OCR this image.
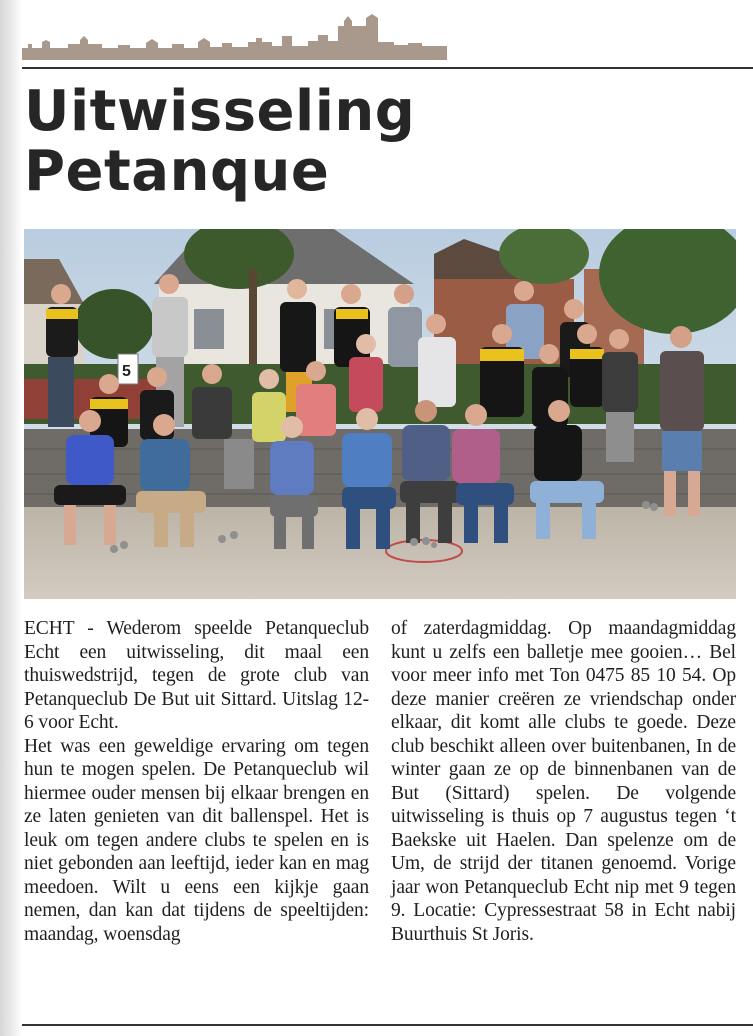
Uitwisseling
Petanque
5

ECHT - Wederom speelde Petanqueclub Echt een uitwisseling, dit maal een thuiswedstrijd, tegen de grote club van Petanqueclub De But uit Sittard. Uitslag 12-6 voor Echt.

Het was een geweldige ervaring om tegen hun te mogen spelen. De Petanqueclub wil hiermee ouder mensen bij elkaar brengen en ze laten genieten van dit ballenspel. Het is leuk om tegen andere clubs te spelen en is niet gebonden aan leeftijd, ieder kan en mag meedoen. Wilt u eens een kijkje gaan nemen, dan kan dat tijdens de speeltijden: maandag, woensdag

of zaterdagmiddag. Op maandagmiddag kunt u zelfs een balletje mee gooien… Bel voor meer info met Ton 0475 85 10 54. Op deze manier creëren ze vriendschap onder elkaar, dit komt alle clubs te goede. Deze club beschikt alleen over buitenbanen, In de winter gaan ze op de binnenbanen van de But (Sittard) spelen. De volgende uitwisseling is thuis op 7 augustus tegen ‘t Baekske uit Haelen. Dan spelenze om de Um, de strijd der titanen genoemd. Vorige jaar won Petanqueclub Echt nip met 9 tegen 9. Locatie: Cypressestraat 58 in Echt nabij Buurthuis St Joris.
